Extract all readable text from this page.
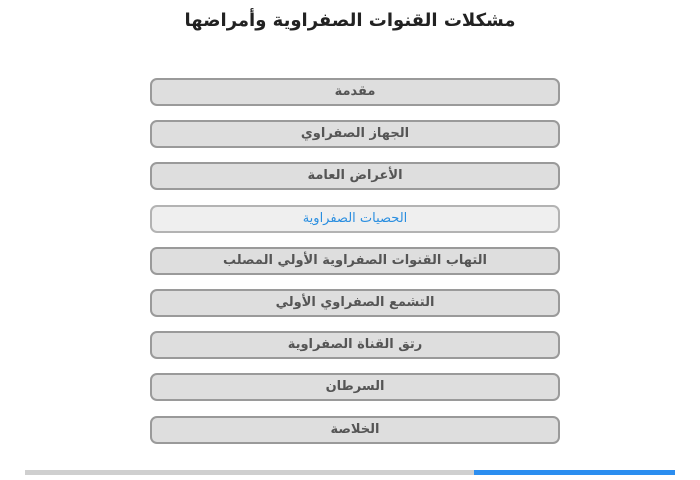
مشكلات القنوات الصفراوية وأمراضها
مقدمة
الجهاز الصفراوي
الأعراض العامة
الحصيات الصفراوية
التهاب القنوات الصفراوية الأولي المصلب
التشمع الصفراوي الأولي
رتق القناة الصفراوية
السرطان
الخلاصة
